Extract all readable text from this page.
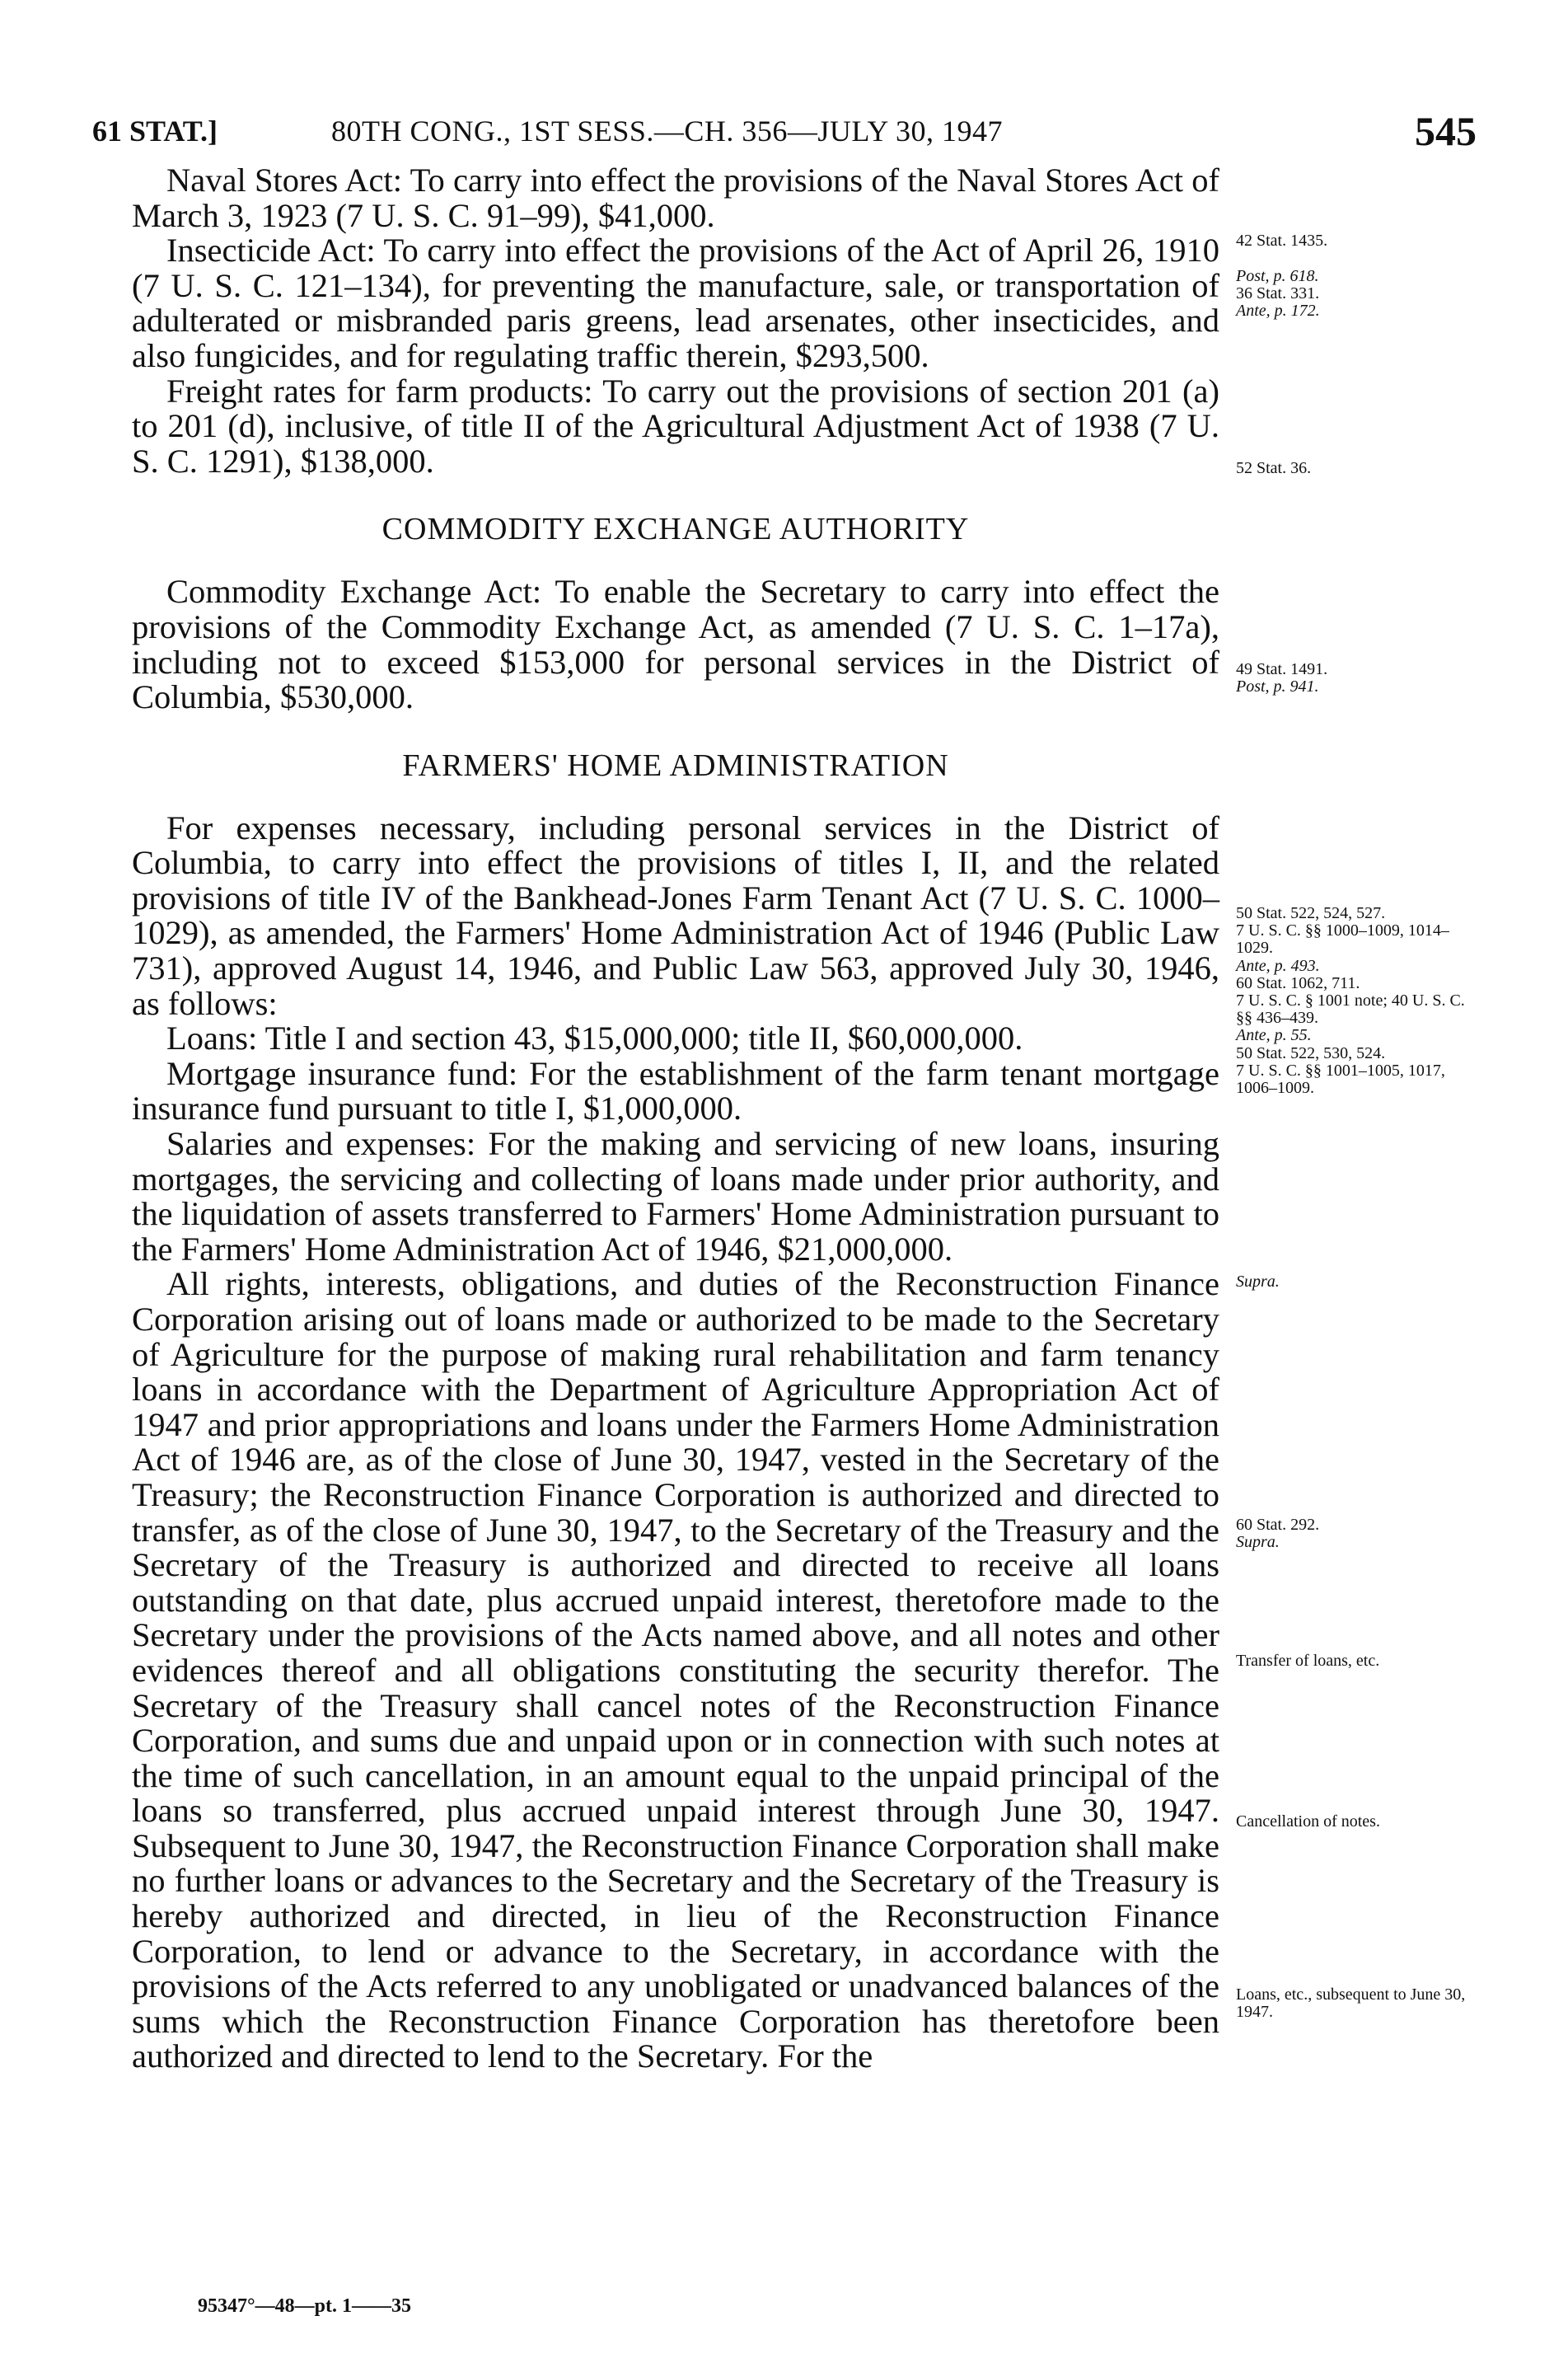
61 STAT.]	80TH CONG., 1ST SESS.—CH. 356—JULY 30, 1947	545

Naval Stores Act: To carry into effect the provisions of the Naval Stores Act of March 3, 1923 (7 U. S. C. 91–99), $41,000.

Insecticide Act: To carry into effect the provisions of the Act of April 26, 1910 (7 U. S. C. 121–134), for preventing the manufacture, sale, or transportation of adulterated or misbranded paris greens, lead arsenates, other insecticides, and also fungicides, and for regulating traffic therein, $293,500.

Freight rates for farm products: To carry out the provisions of section 201 (a) to 201 (d), inclusive, of title II of the Agricultural Adjustment Act of 1938 (7 U. S. C. 1291), $138,000.

COMMODITY EXCHANGE AUTHORITY

Commodity Exchange Act: To enable the Secretary to carry into effect the provisions of the Commodity Exchange Act, as amended (7 U. S. C. 1–17a), including not to exceed $153,000 for personal services in the District of Columbia, $530,000.

FARMERS' HOME ADMINISTRATION

For expenses necessary, including personal services in the District of Columbia, to carry into effect the provisions of titles I, II, and the related provisions of title IV of the Bankhead-Jones Farm Tenant Act (7 U. S. C. 1000–1029), as amended, the Farmers' Home Administration Act of 1946 (Public Law 731), approved August 14, 1946, and Public Law 563, approved July 30, 1946, as follows:

Loans: Title I and section 43, $15,000,000; title II, $60,000,000.

Mortgage insurance fund: For the establishment of the farm tenant mortgage insurance fund pursuant to title I, $1,000,000.

Salaries and expenses: For the making and servicing of new loans, insuring mortgages, the servicing and collecting of loans made under prior authority, and the liquidation of assets transferred to Farmers' Home Administration pursuant to the Farmers' Home Administration Act of 1946, $21,000,000.

All rights, interests, obligations, and duties of the Reconstruction Finance Corporation arising out of loans made or authorized to be made to the Secretary of Agriculture for the purpose of making rural rehabilitation and farm tenancy loans in accordance with the Department of Agriculture Appropriation Act of 1947 and prior appropriations and loans under the Farmers Home Administration Act of 1946 are, as of the close of June 30, 1947, vested in the Secretary of the Treasury; the Reconstruction Finance Corporation is authorized and directed to transfer, as of the close of June 30, 1947, to the Secretary of the Treasury and the Secretary of the Treasury is authorized and directed to receive all loans outstanding on that date, plus accrued unpaid interest, theretofore made to the Secretary under the provisions of the Acts named above, and all notes and other evidences thereof and all obligations constituting the security therefor. The Secretary of the Treasury shall cancel notes of the Reconstruction Finance Corporation, and sums due and unpaid upon or in connection with such notes at the time of such cancellation, in an amount equal to the unpaid principal of the loans so transferred, plus accrued unpaid interest through June 30, 1947. Subsequent to June 30, 1947, the Reconstruction Finance Corporation shall make no further loans or advances to the Secretary and the Secretary of the Treasury is hereby authorized and directed, in lieu of the Reconstruction Finance Corporation, to lend or advance to the Secretary, in accordance with the provisions of the Acts referred to any unobligated or unadvanced balances of the sums which the Reconstruction Finance Corporation has theretofore been authorized and directed to lend to the Secretary. For the

42 Stat. 1435.
Post, p. 618.
36 Stat. 331.
Ante, p. 172.
52 Stat. 36.
49 Stat. 1491.
Post, p. 941.
50 Stat. 522, 524, 527.
7 U. S. C. §§ 1000–1009, 1014–1029.
Ante, p. 493.
60 Stat. 1062, 711.
7 U. S. C. § 1001 note; 40 U. S. C. §§ 436–439.
Ante, p. 55.
50 Stat. 522, 530, 524.
7 U. S. C. §§ 1001–1005, 1017, 1006–1009.
Supra.
60 Stat. 292.
Supra.
Transfer of loans, etc.
Cancellation of notes.
Loans, etc., subsequent to June 30, 1947.
95347°—48—pt. 1——35
